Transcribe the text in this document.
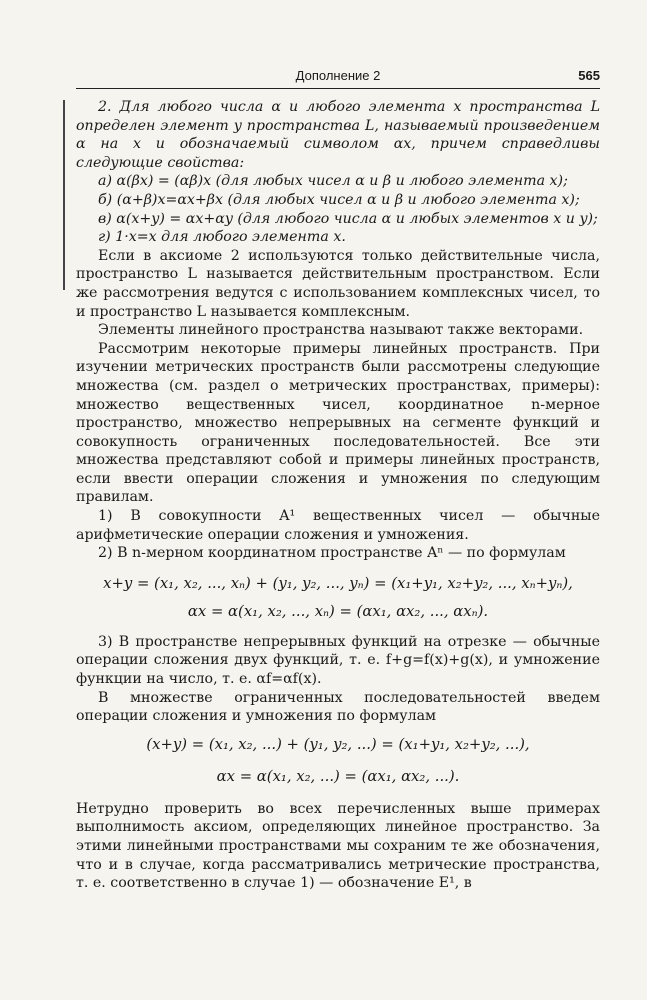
Дополнение 2	565

2. Для любого числа α и любого элемента x пространства L определен элемент y пространства L, называемый произведением α на x и обозначаемый символом αx, причем справедливы следующие свойства:

а) α(βx) = (αβ)x (для любых чисел α и β и любого элемента x);

б) (α+β)x=αx+βx (для любых чисел α и β и любого элемента x);

в) α(x+y) = αx+αy (для любого числа α и любых элементов x и y);

г) 1·x=x для любого элемента x.

Если в аксиоме 2 используются только действительные числа, пространство L называется действительным пространством. Если же рассмотрения ведутся с использованием комплексных чисел, то и пространство L называется комплексным.

Элементы линейного пространства называют также векторами.

Рассмотрим некоторые примеры линейных пространств. При изучении метрических пространств были рассмотрены следующие множества (см. раздел о метрических пространствах, примеры): множество вещественных чисел, координатное n-мерное пространство, множество непрерывных на сегменте функций и совокупность ограниченных последовательностей. Все эти множества представляют собой и примеры линейных пространств, если ввести операции сложения и умножения по следующим правилам.

1) В совокупности A¹ вещественных чисел — обычные арифметические операции сложения и умножения.

2) В n-мерном координатном пространстве Aⁿ — по формулам

x+y = (x₁, x₂, ..., xₙ) + (y₁, y₂, ..., yₙ) = (x₁+y₁, x₂+y₂, ..., xₙ+yₙ),
αx = α(x₁, x₂, ..., xₙ) = (αx₁, αx₂, ..., αxₙ).

3) В пространстве непрерывных функций на отрезке — обычные операции сложения двух функций, т. е. f+g=f(x)+g(x), и умножение функции на число, т. е. αf=αf(x).

В множестве ограниченных последовательностей введем операции сложения и умножения по формулам

(x+y) = (x₁, x₂, ...) + (y₁, y₂, ...) = (x₁+y₁, x₂+y₂, ...),
αx = α(x₁, x₂, ...) = (αx₁, αx₂, ...).

Нетрудно проверить во всех перечисленных выше примерах выполнимость аксиом, определяющих линейное пространство. За этими линейными пространствами мы сохраним те же обозначения, что и в случае, когда рассматривались метрические пространства, т. е. соответственно в случае 1) — обозначение E¹, в
